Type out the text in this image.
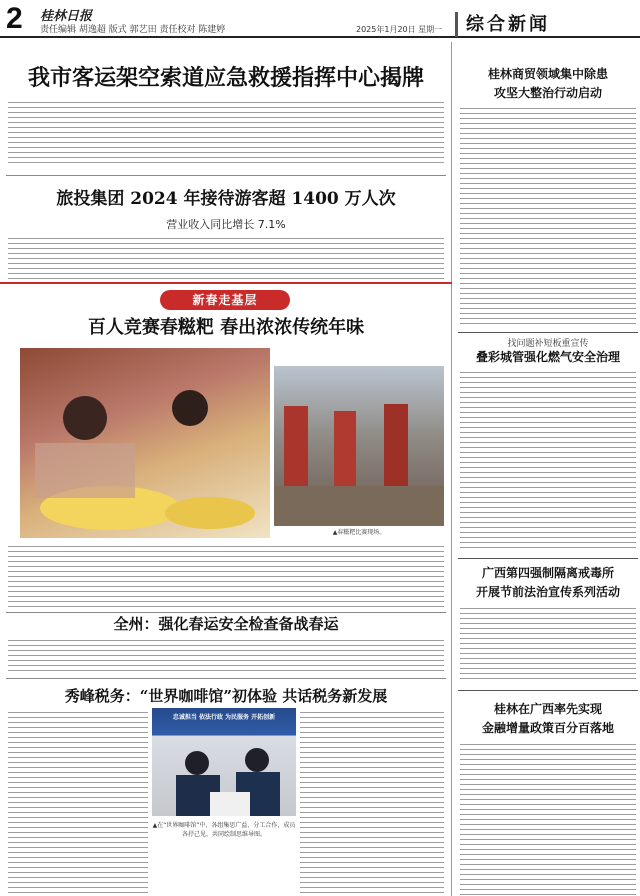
2 桂林日报
责任编辑 胡逸超 版式 郭艺田 责任校对 陈建婷	2025年1月20日 星期一 综合新闻
我市客运架空索道应急救援指挥中心揭牌
旅投集团 2024 年接待游客超 1400 万人次
营业收入同比增长 7.1%
新春走基层
百人竞赛春糍粑 春出浓浓传统年味
▲春糍粑比赛现场。
全州：强化春运安全检查备战春运
秀峰税务：“世界咖啡馆”初体验 共话税务新发展
忠诚担当 依法行政 为民服务 开拓创新
▲在“世界咖啡馆”中，各组集思广益、分工合作，成员各抒己见，共同绘制思维导图。
桂林商贸领域集中除患
攻坚大整治行动启动
找问题补短板重宣传
叠彩城管强化燃气安全治理
广西第四强制隔离戒毒所
开展节前法治宣传系列活动
桂林在广西率先实现
金融增量政策百分百落地
